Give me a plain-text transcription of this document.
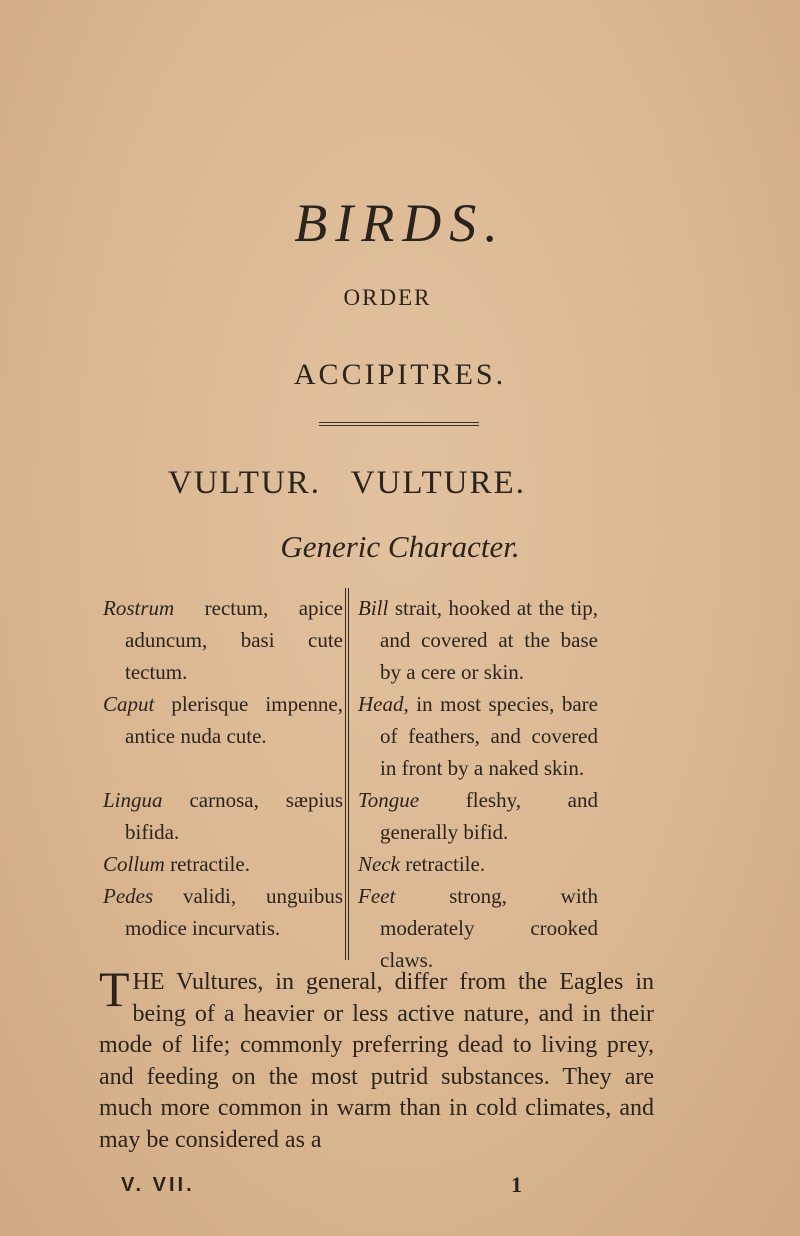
BIRDS.
ORDER
ACCIPITRES.
VULTUR. VULTURE.
Generic Character.

Rostrum rectum, apice aduncum, basi cute tectum.

Caput plerisque impenne, antice nuda cute.

Lingua carnosa, sæpius bifida.

Collum retractile.

Pedes validi, unguibus modice incurvatis.

Bill strait, hooked at the tip, and covered at the base by a cere or skin.

Head, in most species, bare of feathers, and covered in front by a naked skin.

Tongue fleshy, and generally bifid.

Neck retractile.

Feet strong, with moderately crooked claws.

THE Vultures, in general, differ from the Eagles in being of a heavier or less active nature, and in their mode of life; commonly preferring dead to living prey, and feeding on the most putrid substances. They are much more common in warm than in cold climates, and may be considered as a

V. VII.	1
